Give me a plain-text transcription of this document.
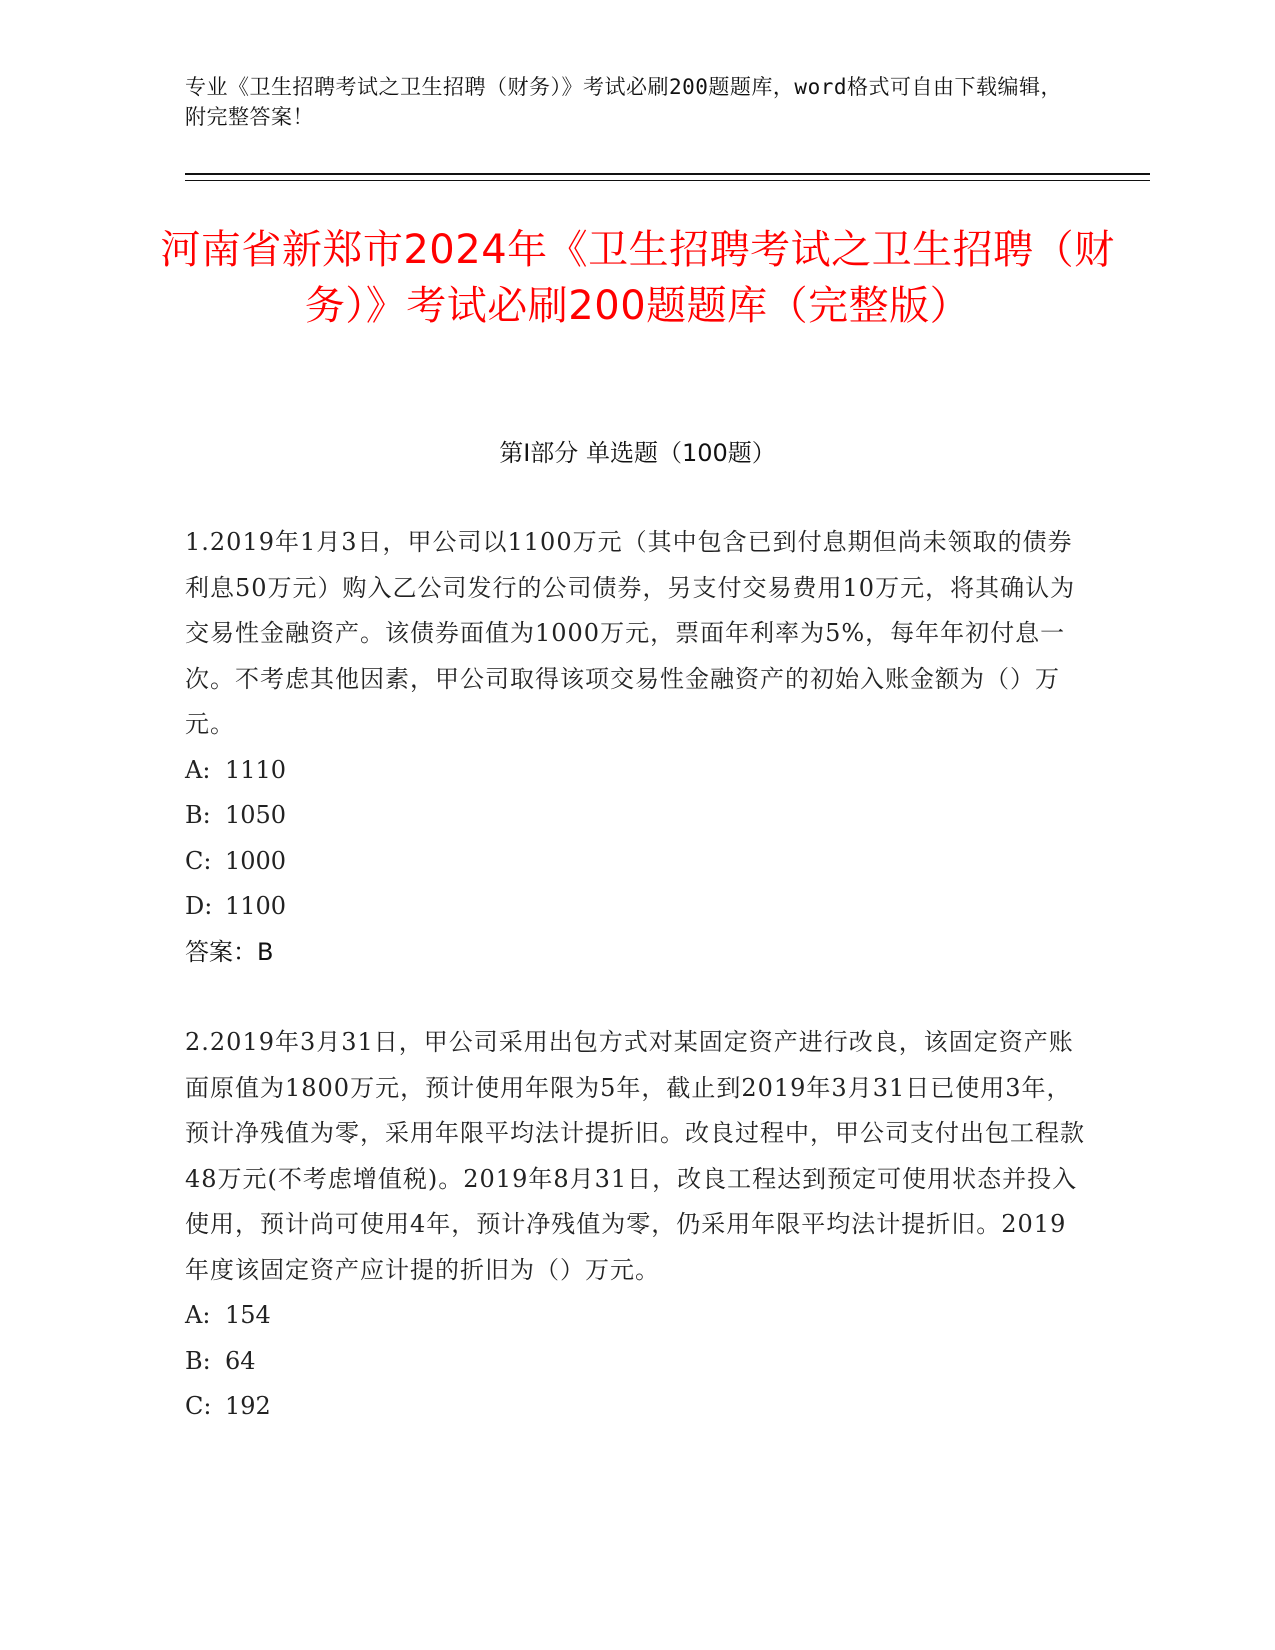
专业《卫生招聘考试之卫生招聘（财务）》考试必刷200题题库，word格式可自由下载编辑，附完整答案！
河南省新郑市2024年《卫生招聘考试之卫生招聘（财务）》考试必刷200题题库（完整版）
第I部分 单选题（100题）

1.2019年1月3日，甲公司以1100万元（其中包含已到付息期但尚未领取的债券利息50万元）购入乙公司发行的公司债券，另支付交易费用10万元，将其确认为交易性金融资产。该债券面值为1000万元，票面年利率为5%，每年年初付息一次。不考虑其他因素，甲公司取得该项交易性金融资产的初始入账金额为（）万元。

A: 1110

B: 1050

C: 1000

D: 1100

答案：B

2.2019年3月31日，甲公司采用出包方式对某固定资产进行改良，该固定资产账面原值为1800万元，预计使用年限为5年，截止到2019年3月31日已使用3年，预计净残值为零，采用年限平均法计提折旧。改良过程中，甲公司支付出包工程款48万元(不考虑增值税)。2019年8月31日，改良工程达到预定可使用状态并投入使用，预计尚可使用4年，预计净残值为零，仍采用年限平均法计提折旧。2019年度该固定资产应计提的折旧为（）万元。

A: 154

B: 64

C: 192
